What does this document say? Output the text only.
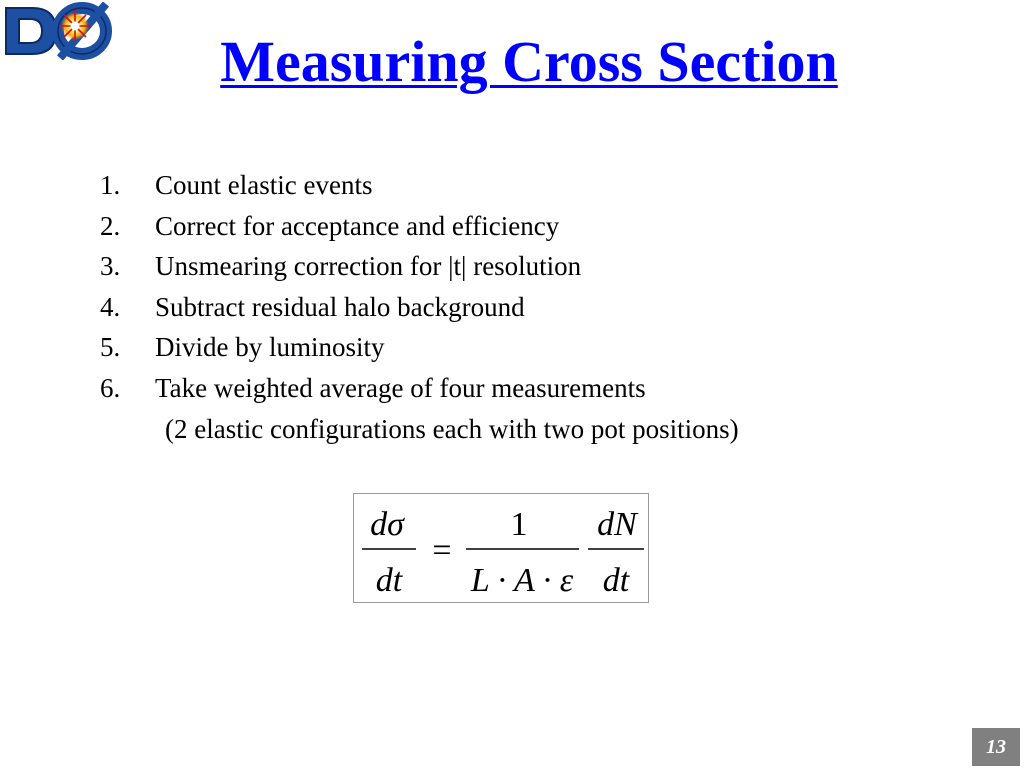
ℰ	Measuring Cross Section
1. Count elastic events
2. Correct for acceptance and efficiency
3. Unsmearing correction for |t| resolution
4. Subtract residual halo background
5. Divide by luminosity
6. Take weighted average of four measurements
(2 elastic configurations each with two pot positions)
dσ
dt
=
1
L · A · ε
dN
dt
13
